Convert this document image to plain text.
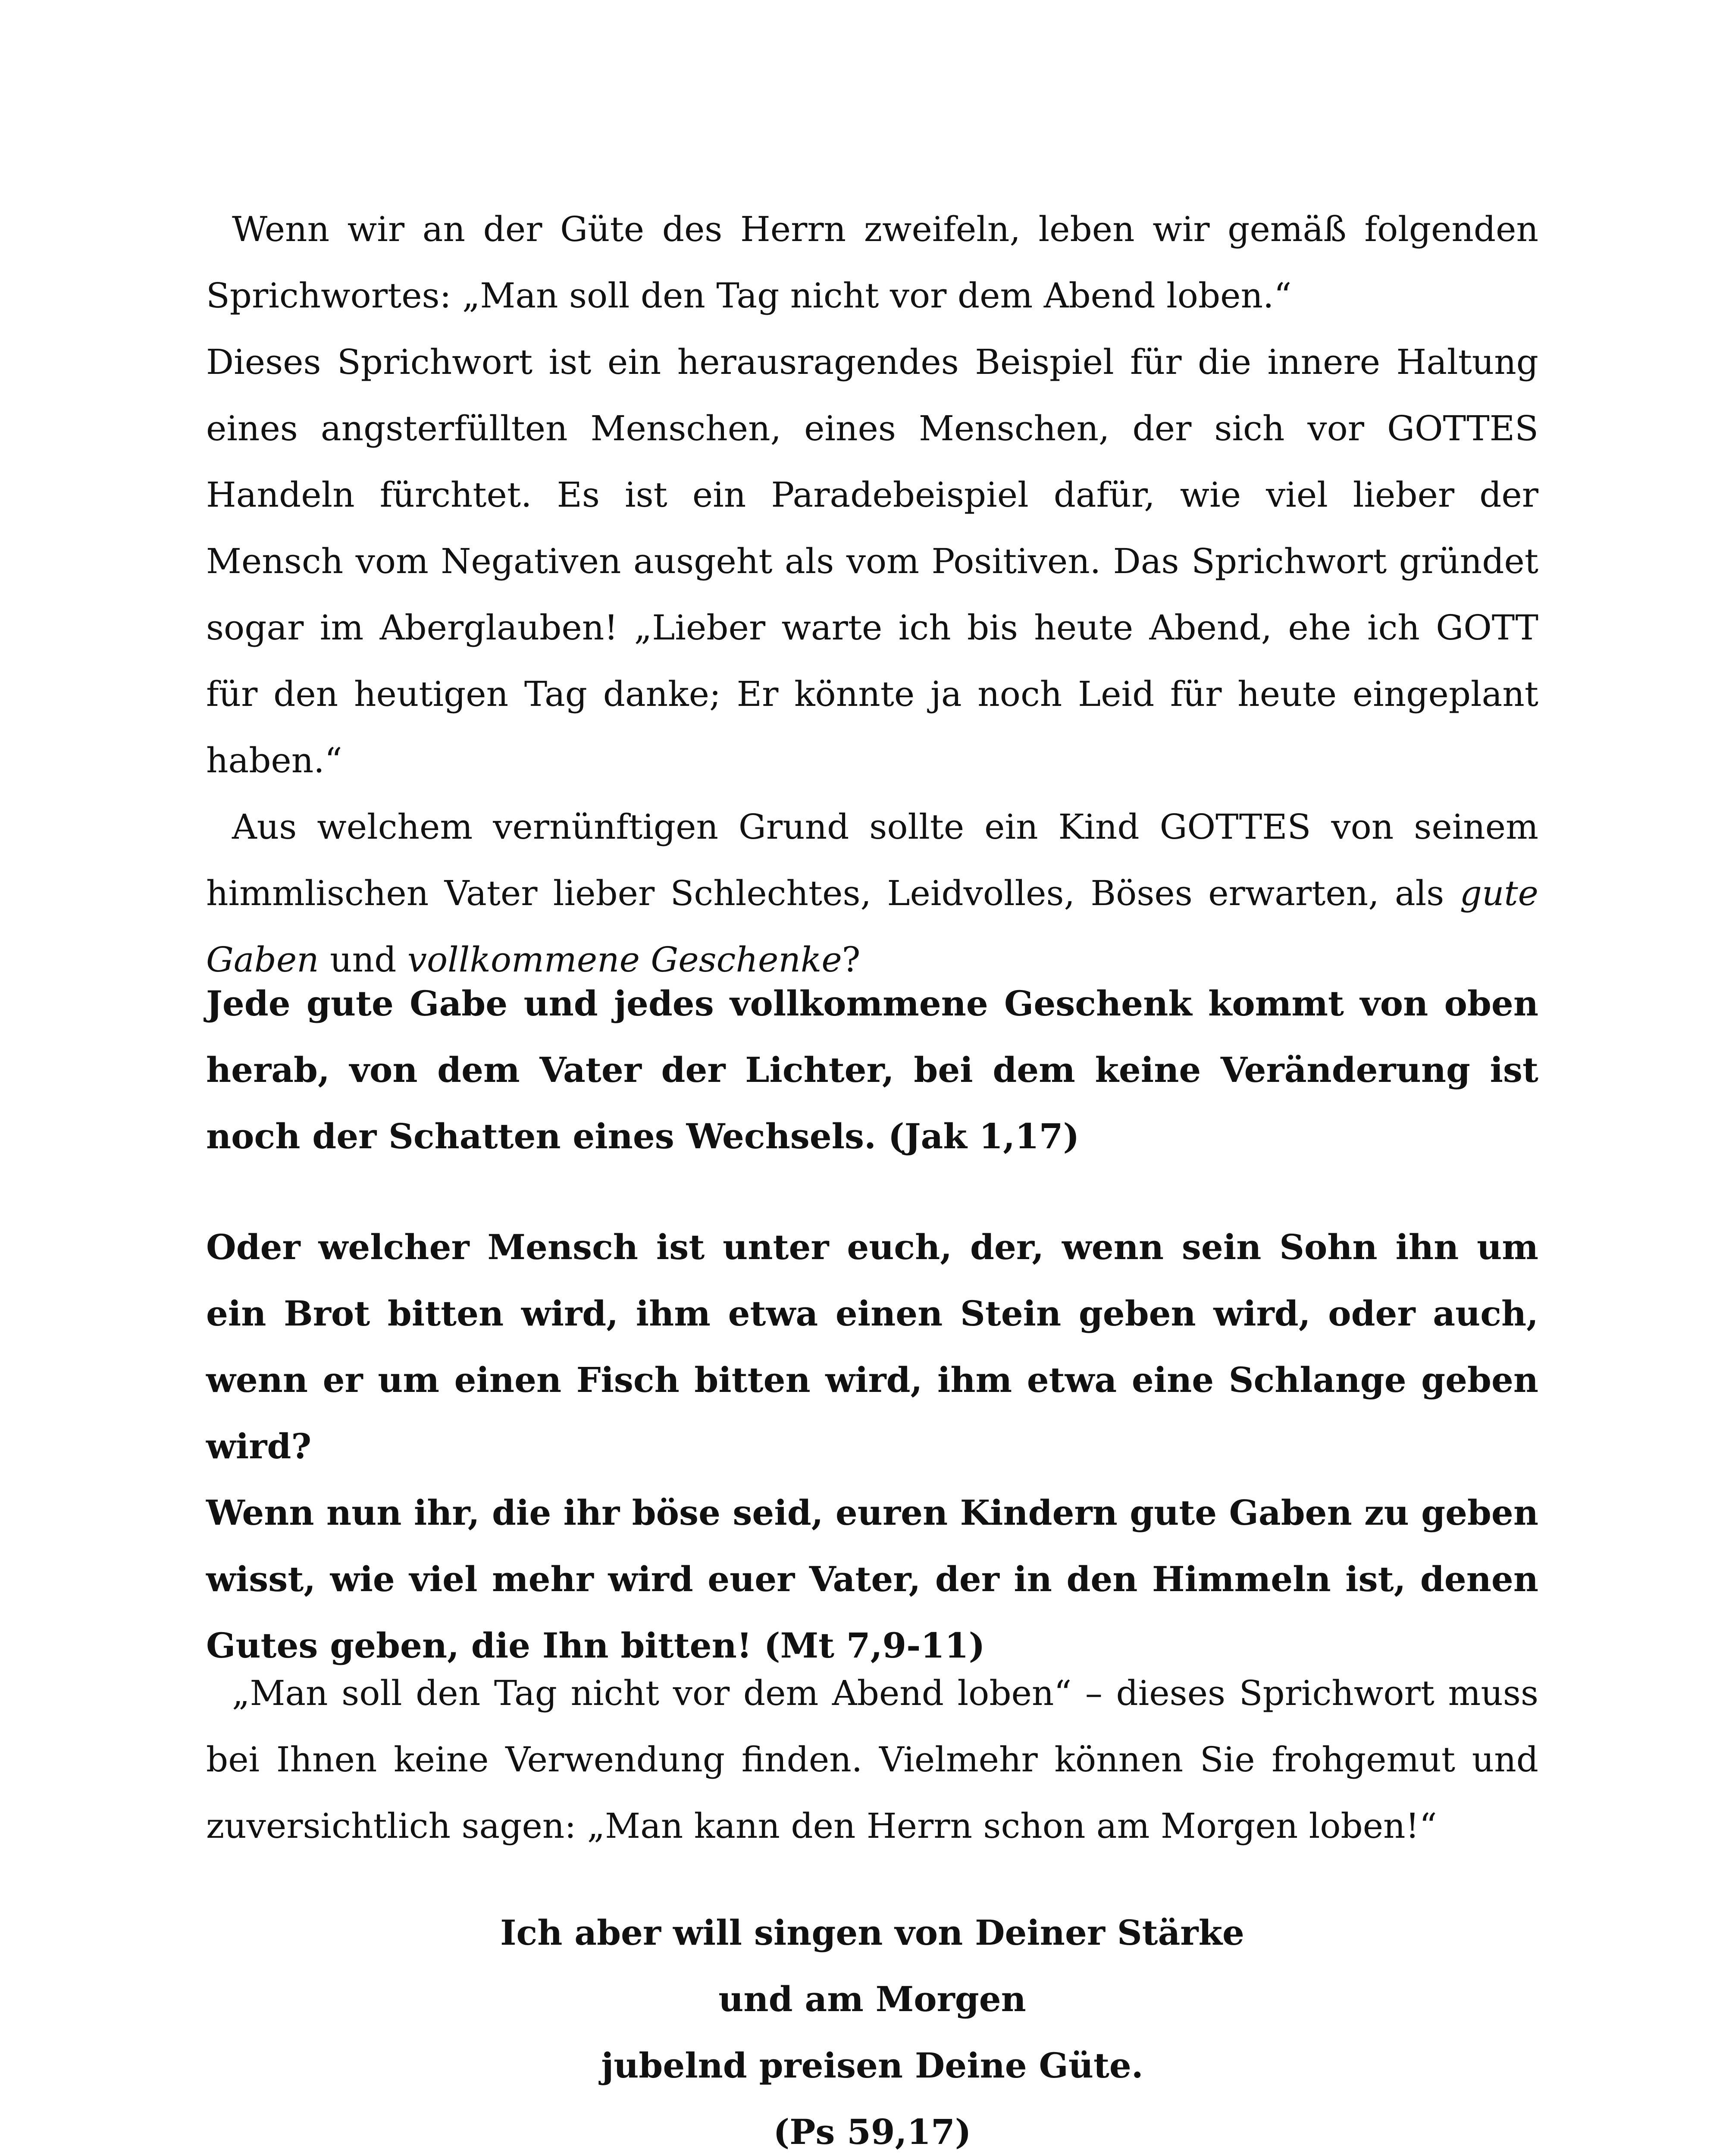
Wenn wir an der Güte des Herrn zweifeln, leben wir gemäß folgenden Sprichwortes: „Man soll den Tag nicht vor dem Abend loben.“

Dieses Sprichwort ist ein herausragendes Beispiel für die innere Haltung eines angsterfüllten Menschen, eines Menschen, der sich vor GOTTES Handeln fürchtet. Es ist ein Paradebeispiel dafür, wie viel lieber der Mensch vom Negativen ausgeht als vom Positiven. Das Sprichwort gründet sogar im Aberglauben! „Lieber warte ich bis heute Abend, ehe ich GOTT für den heutigen Tag danke; Er könnte ja noch Leid für heute eingeplant haben.“

Aus welchem vernünftigen Grund sollte ein Kind GOTTES von seinem himmlischen Vater lieber Schlechtes, Leidvolles, Böses erwarten, als gute Gaben und vollkommene Geschenke?

Jede gute Gabe und jedes vollkommene Geschenk kommt von oben herab, von dem Vater der Lichter, bei dem keine Veränderung ist noch der Schatten eines Wechsels. (Jak 1,17)

Oder welcher Mensch ist unter euch, der, wenn sein Sohn ihn um ein Brot bitten wird, ihm etwa einen Stein geben wird, oder auch, wenn er um einen Fisch bitten wird, ihm etwa eine Schlange geben wird?

Wenn nun ihr, die ihr böse seid, euren Kindern gute Gaben zu geben wisst, wie viel mehr wird euer Vater, der in den Himmeln ist, denen Gutes geben, die Ihn bitten! (Mt 7,9-11)

„Man soll den Tag nicht vor dem Abend loben“ – dieses Sprichwort muss bei Ihnen keine Verwendung finden. Vielmehr können Sie frohgemut und zuversichtlich sagen: „Man kann den Herrn schon am Morgen loben!“

Ich aber will singen von Deiner Stärke
und am Morgen
jubelnd preisen Deine Güte.
(Ps 59,17)
